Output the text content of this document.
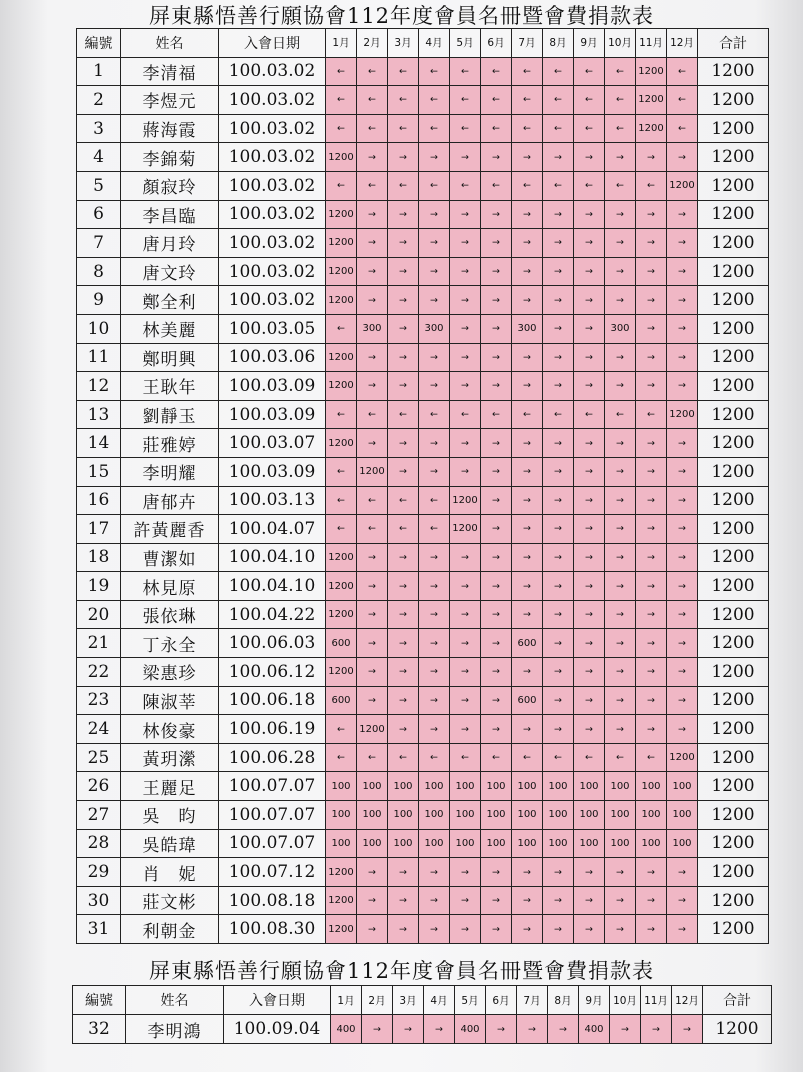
屏東縣悟善行願協會112年度會員名冊暨會費捐款表
編號	姓名	入會日期	1月	2月	3月	4月	5月	6月	7月	8月	9月	10月	11月	12月	合計
1	李清福	100.03.02	←	←	←	←	←	←	←	←	←	←	1200	←	1200
2	李煜元	100.03.02	←	←	←	←	←	←	←	←	←	←	1200	←	1200
3	蔣海霞	100.03.02	←	←	←	←	←	←	←	←	←	←	1200	←	1200
4	李錦菊	100.03.02	1200	→	→	→	→	→	→	→	→	→	→	→	1200
5	顏寂玲	100.03.02	←	←	←	←	←	←	←	←	←	←	←	1200	1200
6	李昌臨	100.03.02	1200	→	→	→	→	→	→	→	→	→	→	→	1200
7	唐月玲	100.03.02	1200	→	→	→	→	→	→	→	→	→	→	→	1200
8	唐文玲	100.03.02	1200	→	→	→	→	→	→	→	→	→	→	→	1200
9	鄭全利	100.03.02	1200	→	→	→	→	→	→	→	→	→	→	→	1200
10	林美麗	100.03.05	←	300	→	300	→	→	300	→	→	300	→	→	1200
11	鄭明興	100.03.06	1200	→	→	→	→	→	→	→	→	→	→	→	1200
12	王耿年	100.03.09	1200	→	→	→	→	→	→	→	→	→	→	→	1200
13	劉靜玉	100.03.09	←	←	←	←	←	←	←	←	←	←	←	1200	1200
14	莊雅婷	100.03.07	1200	→	→	→	→	→	→	→	→	→	→	→	1200
15	李明耀	100.03.09	←	1200	→	→	→	→	→	→	→	→	→	→	1200
16	唐郁卉	100.03.13	←	←	←	←	1200	→	→	→	→	→	→	→	1200
17	許黃麗香	100.04.07	←	←	←	←	1200	→	→	→	→	→	→	→	1200
18	曹潔如	100.04.10	1200	→	→	→	→	→	→	→	→	→	→	→	1200
19	林見原	100.04.10	1200	→	→	→	→	→	→	→	→	→	→	→	1200
20	張依琳	100.04.22	1200	→	→	→	→	→	→	→	→	→	→	→	1200
21	丁永全	100.06.03	600	→	→	→	→	→	600	→	→	→	→	→	1200
22	梁惠珍	100.06.12	1200	→	→	→	→	→	→	→	→	→	→	→	1200
23	陳淑莘	100.06.18	600	→	→	→	→	→	600	→	→	→	→	→	1200
24	林俊豪	100.06.19	←	1200	→	→	→	→	→	→	→	→	→	→	1200
25	黃玥瀠	100.06.28	←	←	←	←	←	←	←	←	←	←	←	1200	1200
26	王麗足	100.07.07	100	100	100	100	100	100	100	100	100	100	100	100	1200
27	吳　昀	100.07.07	100	100	100	100	100	100	100	100	100	100	100	100	1200
28	吳皓瑋	100.07.07	100	100	100	100	100	100	100	100	100	100	100	100	1200
29	肖　妮	100.07.12	1200	→	→	→	→	→	→	→	→	→	→	→	1200
30	莊文彬	100.08.18	1200	→	→	→	→	→	→	→	→	→	→	→	1200
31	利朝金	100.08.30	1200	→	→	→	→	→	→	→	→	→	→	→	1200
屏東縣悟善行願協會112年度會員名冊暨會費捐款表
編號	姓名	入會日期	1月	2月	3月	4月	5月	6月	7月	8月	9月	10月	11月	12月	合計
32	李明鴻	100.09.04	400	→	→	→	400	→	→	→	400	→	→	→	1200
